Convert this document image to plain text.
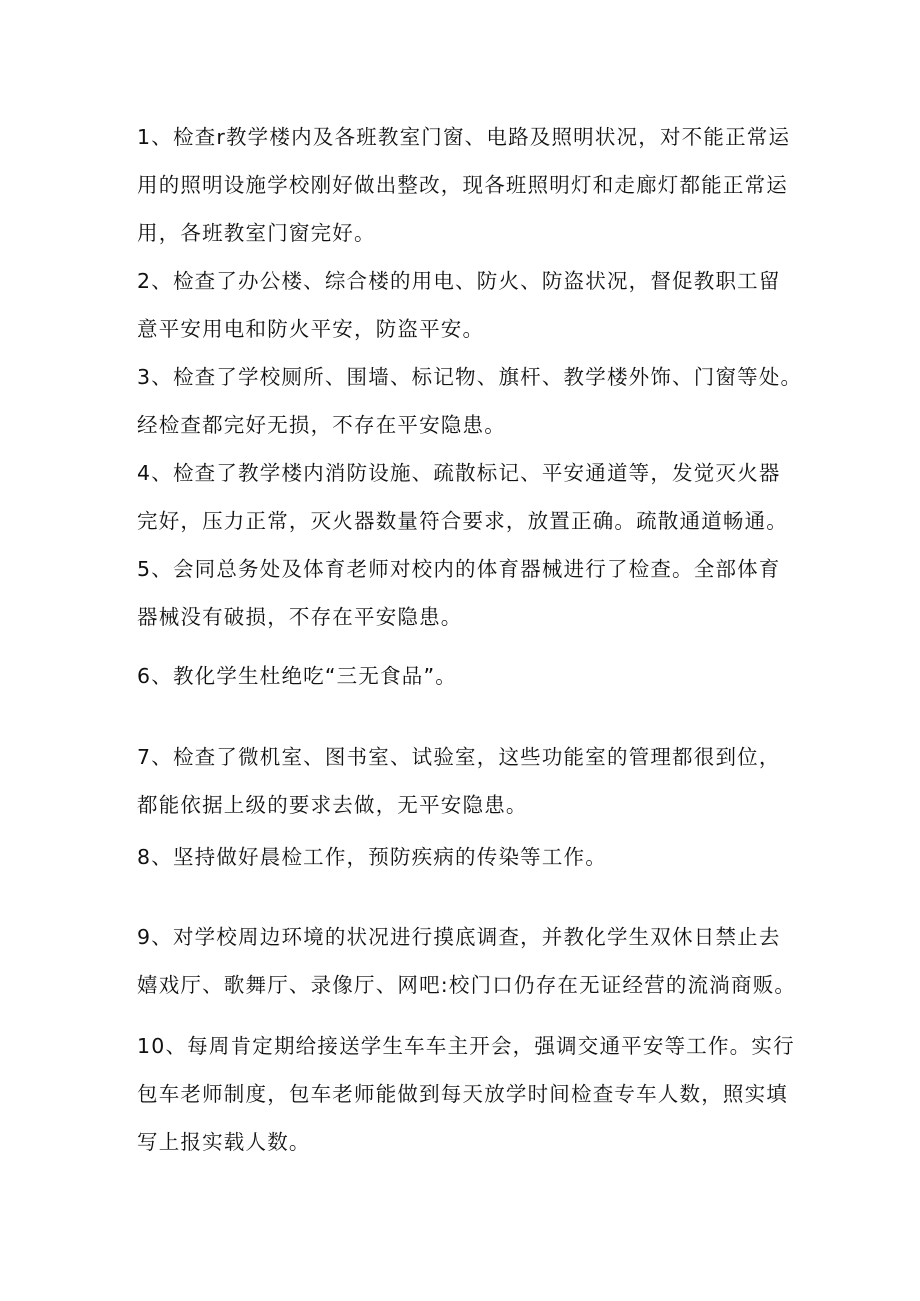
1、检查r教学楼内及各班教室门窗、电路及照明状况，对不能正常运
用的照明设施学校刚好做出整改，现各班照明灯和走廊灯都能正常运
用，各班教室门窗完好。
2、检查了办公楼、综合楼的用电、防火、防盗状况，督促教职工留
意平安用电和防火平安，防盗平安。
3、检查了学校厕所、围墙、标记物、旗杆、教学楼外饰、门窗等处。
经检查都完好无损，不存在平安隐患。
4、检查了教学楼内消防设施、疏散标记、平安通道等，发觉灭火器
完好，压力正常，灭火器数量符合要求，放置正确。疏散通道畅通。
5、会同总务处及体育老师对校内的体育器械进行了检查。全部体育
器械没有破损，不存在平安隐患。
6、教化学生杜绝吃“三无食品”。
7、检查了微机室、图书室、试验室，这些功能室的管理都很到位，
都能依据上级的要求去做，无平安隐患。
8、坚持做好晨检工作，预防疾病的传染等工作。
9、对学校周边环境的状况进行摸底调查，并教化学生双休日禁止去
嬉戏厅、歌舞厅、录像厅、网吧:校门口仍存在无证经营的流淌商贩。
10、每周肯定期给接送学生车车主开会，强调交通平安等工作。实行
包车老师制度，包车老师能做到每天放学时间检查专车人数，照实填
写上报实载人数。
